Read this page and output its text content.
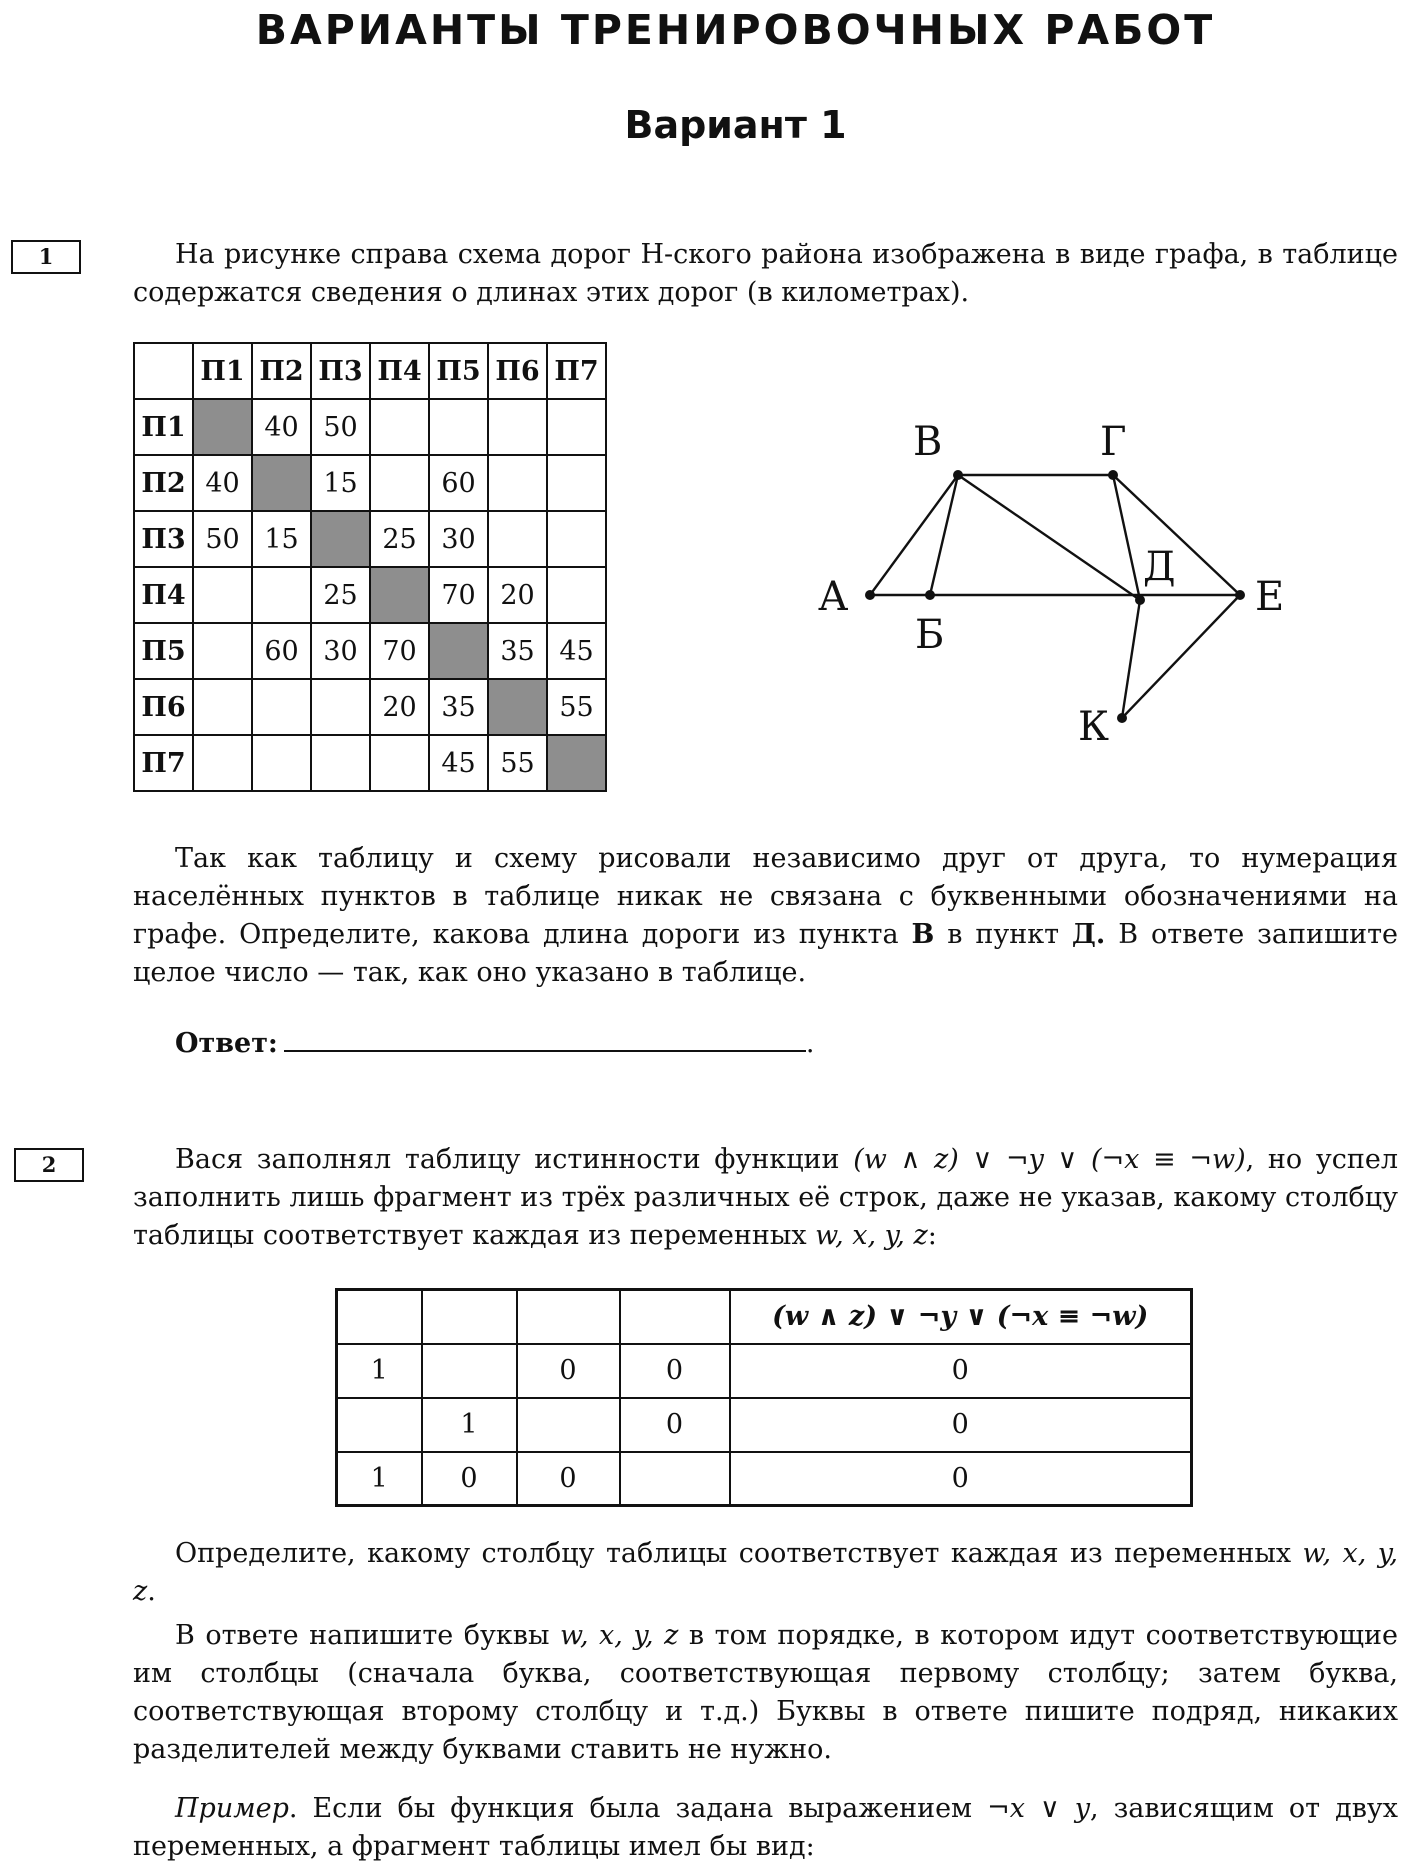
ВАРИАНТЫ ТРЕНИРОВОЧНЫХ РАБОТ
Вариант 1
1	На рисунке справа схема дорог Н-ского района изображена в виде графа, в таблице содержатся сведения о длинах этих дорог (в километрах).
	П1	П2	П3	П4	П5	П6	П7
П1		40	50				
П2	40		15		60		
П3	50	15		25	30		
П4			25		70	20	
П5		60	30	70		35	45
П6				20	35		55
П7					45	55	
А
Б
В	Г
Д
Е
К
Так как таблицу и схему рисовали независимо друг от друга, то нумерация населённых пунктов в таблице никак не связана с буквенными обозначениями на графе. Определите, какова длина дороги из пункта В в пункт Д. В ответе запишите целое число — так, как оно указано в таблице.
Ответ:	.
2	Вася заполнял таблицу истинности функции (w ∧ z) ∨ ¬y ∨ (¬x ≡ ¬w), но успел заполнить лишь фрагмент из трёх различных её строк, даже не указав, какому столбцу таблицы соответствует каждая из переменных w, x, y, z:
				(w ∧ z) ∨ ¬y ∨ (¬x ≡ ¬w)
1		0	0	0
	1		0	0
1	0	0		0
Определите, какому столбцу таблицы соответствует каждая из переменных w, x, y, z.
В ответе напишите буквы w, x, y, z в том порядке, в котором идут соответствующие им столбцы (сначала буква, соответствующая первому столбцу; затем буква, соответствующая второму столбцу и т.д.) Буквы в ответе пишите подряд, никаких разделителей между буквами ставить не нужно.
Пример. Если бы функция была задана выражением ¬x ∨ y, зависящим от двух переменных, а фрагмент таблицы имел бы вид:
